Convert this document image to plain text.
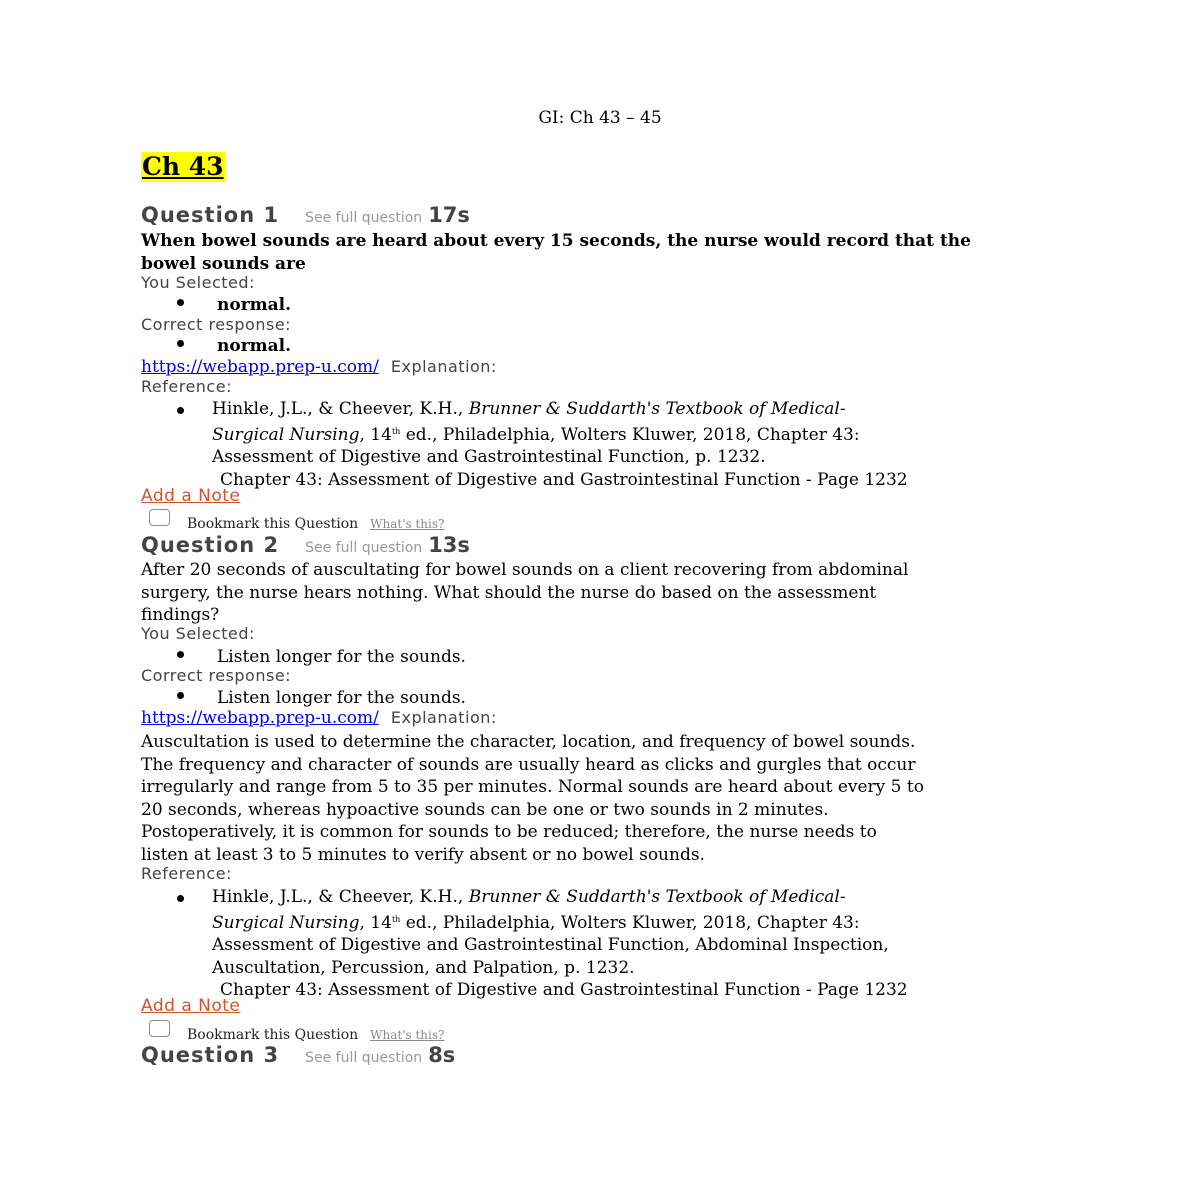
GI: Ch 43 – 45
Ch 43
Question 1 See full question 17s
When bowel sounds are heard about every 15 seconds, the nurse would record that the
bowel sounds are
You Selected:
normal.
Correct response:
normal.
https://webapp.prep-u.com/ Explanation:
Reference:
Hinkle, J.L., & Cheever, K.H., Brunner & Suddarth's Textbook of Medical-
Surgical Nursing, 14th ed., Philadelphia, Wolters Kluwer, 2018, Chapter 43:
Assessment of Digestive and Gastrointestinal Function, p. 1232.
Chapter 43: Assessment of Digestive and Gastrointestinal Function - Page 1232
Add a Note
Bookmark this Question What's this?
Question 2 See full question 13s
After 20 seconds of auscultating for bowel sounds on a client recovering from abdominal
surgery, the nurse hears nothing. What should the nurse do based on the assessment
findings?
You Selected:
Listen longer for the sounds.
Correct response:
Listen longer for the sounds.
https://webapp.prep-u.com/ Explanation:
Auscultation is used to determine the character, location, and frequency of bowel sounds.
The frequency and character of sounds are usually heard as clicks and gurgles that occur
irregularly and range from 5 to 35 per minutes. Normal sounds are heard about every 5 to
20 seconds, whereas hypoactive sounds can be one or two sounds in 2 minutes.
Postoperatively, it is common for sounds to be reduced; therefore, the nurse needs to
listen at least 3 to 5 minutes to verify absent or no bowel sounds.
Reference:
Hinkle, J.L., & Cheever, K.H., Brunner & Suddarth's Textbook of Medical-
Surgical Nursing, 14th ed., Philadelphia, Wolters Kluwer, 2018, Chapter 43:
Assessment of Digestive and Gastrointestinal Function, Abdominal Inspection,
Auscultation, Percussion, and Palpation, p. 1232.
Chapter 43: Assessment of Digestive and Gastrointestinal Function - Page 1232
Add a Note
Bookmark this Question What's this?
Question 3 See full question 8s
